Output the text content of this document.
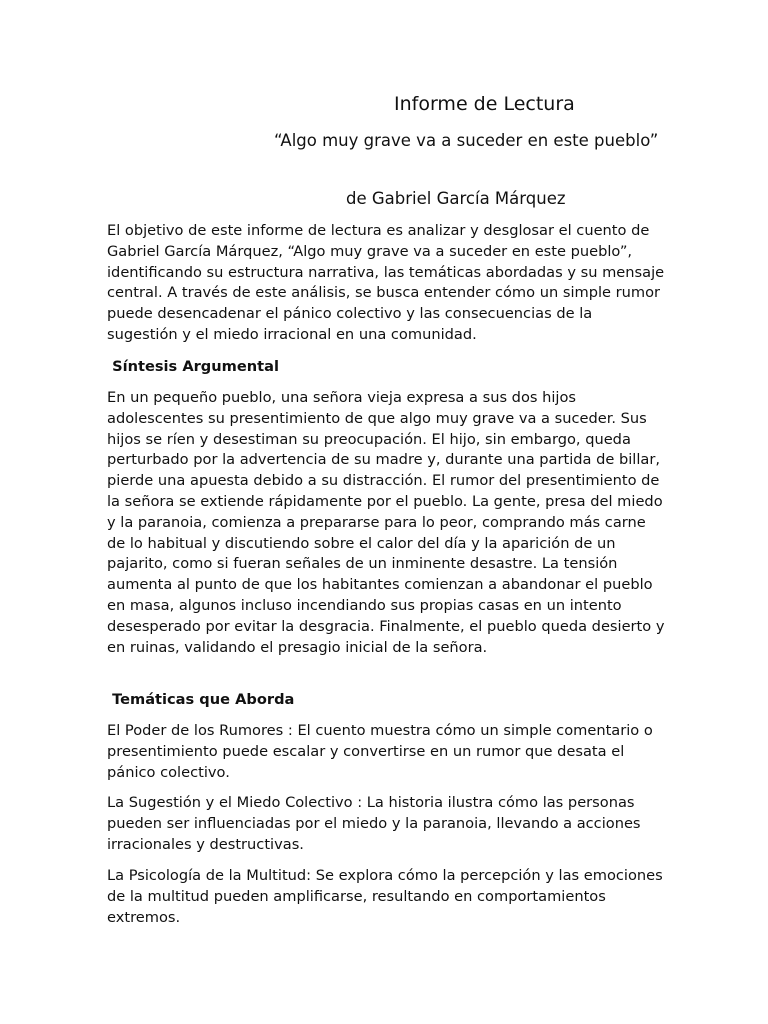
Informe de Lectura

“Algo muy grave va a suceder en este pueblo”

de Gabriel García Márquez

El objetivo de este informe de lectura es analizar y desglosar el cuento de Gabriel García Márquez, “Algo muy grave va a suceder en este pueblo”, identificando su estructura narrativa, las temáticas abordadas y su mensaje central. A través de este análisis, se busca entender cómo un simple rumor puede desencadenar el pánico colectivo y las consecuencias de la sugestión y el miedo irracional en una comunidad.

Síntesis Argumental

En un pequeño pueblo, una señora vieja expresa a sus dos hijos adolescentes su presentimiento de que algo muy grave va a suceder. Sus hijos se ríen y desestiman su preocupación. El hijo, sin embargo, queda perturbado por la advertencia de su madre y, durante una partida de billar, pierde una apuesta debido a su distracción. El rumor del presentimiento de la señora se extiende rápidamente por el pueblo. La gente, presa del miedo y la paranoia, comienza a prepararse para lo peor, comprando más carne de lo habitual y discutiendo sobre el calor del día y la aparición de un pajarito, como si fueran señales de un inminente desastre. La tensión aumenta al punto de que los habitantes comienzan a abandonar el pueblo en masa, algunos incluso incendiando sus propias casas en un intento desesperado por evitar la desgracia. Finalmente, el pueblo queda desierto y en ruinas, validando el presagio inicial de la señora.

Temáticas que Aborda

El Poder de los Rumores : El cuento muestra cómo un simple comentario o presentimiento puede escalar y convertirse en un rumor que desata el pánico colectivo.

La Sugestión y el Miedo Colectivo : La historia ilustra cómo las personas pueden ser influenciadas por el miedo y la paranoia, llevando a acciones irracionales y destructivas.

La Psicología de la Multitud: Se explora cómo la percepción y las emociones de la multitud pueden amplificarse, resultando en comportamientos extremos.
